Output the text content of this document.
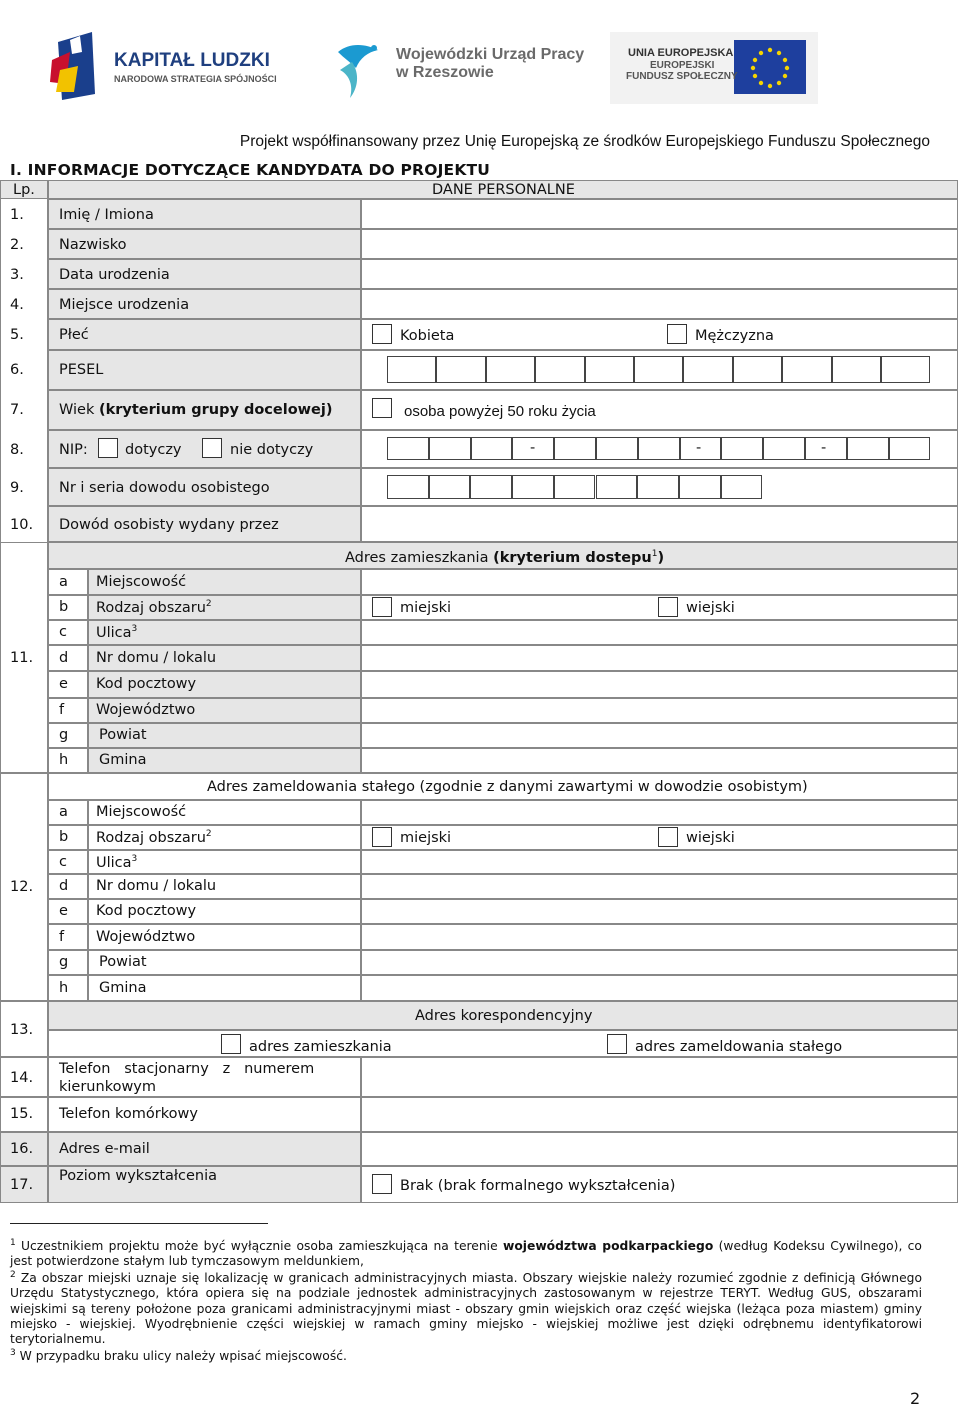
KAPITAŁ LUDZKI
NARODOWA STRATEGIA SPÓJNOŚCI
Wojewódzki Urząd Pracy
w Rzeszowie
UNIA EUROPEJSKA
EUROPEJSKI
FUNDUSZ SPOŁECZNY
Projekt współfinansowany przez Unię Europejską ze środków Europejskiego Funduszu Społecznego
I. INFORMACJE DOTYCZĄCE KANDYDATA DO PROJEKTU
Lp.	DANE PERSONALNE
1. Imię / Imiona
2. Nazwisko
3. Data urodzenia
4. Miejsce urodzenia
5. Płeć	Kobieta	Mężczyzna
6. PESEL
7. Wiek (kryterium grupy docelowej)	osoba powyżej 50 roku życia
8. NIP:	dotyczy	nie dotyczy	-	-	-
9. Nr i seria dowodu osobistego
10. Dowód osobisty wydany przez
11.
Adres zamieszkania (kryterium dostepu$^1$)
a Miejscowość
b Rodzaj obszaru$^2$	miejski	wiejski
c Ulica$^3$
d Nr domu / lokalu
e Kod pocztowy
f Województwo
g Powiat
h Gmina
12.
Adres zameldowania stałego (zgodnie z danymi zawartymi w dowodzie osobistym)
a Miejscowość
b Rodzaj obszaru$^2$	miejski	wiejski
c Ulica$^3$
d Nr domu / lokalu
e Kod pocztowy
f Województwo
g Powiat
h Gmina
13.
Adres korespondencyjny
adres zamieszkania	adres zameldowania stałego
14.
Telefon   stacjonarny   z   numerem
kierunkowym
15. Telefon komórkowy
16. Adres e-mail
17.
Poziom wykształcenia
Brak (brak formalnego wykształcenia)
$^1$ Uczestnikiem projektu może być wyłącznie osoba zamieszkująca na terenie województwa podkarpackiego (według Kodeksu Cywilnego), co jest potwierdzone stałym lub tymczasowym meldunkiem,
$^2$ Za obszar miejski uznaje się lokalizację w granicach administracyjnych miasta. Obszary wiejskie należy rozumieć zgodnie z definicją Głównego Urzędu Statystycznego, która opiera się na podziale jednostek administracyjnych zastosowanym w rejestrze TERYT. Według GUS, obszarami wiejskimi są tereny położone poza granicami administracyjnymi miast - obszary gmin wiejskich oraz część wiejska (leżąca poza miastem) gminy miejsko - wiejskiej. Wyodrębnienie części wiejskiej w ramach gminy miejsko - wiejskiej możliwe jest dzięki odrębnemu identyfikatorowi terytorialnemu.
$^3$ W przypadku braku ulicy należy wpisać miejscowość.
2
